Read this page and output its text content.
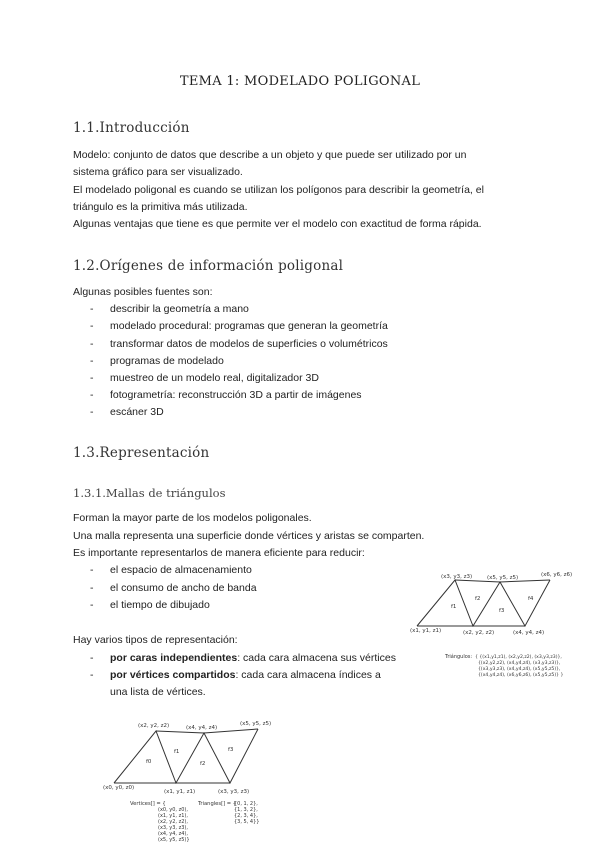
TEMA 1: MODELADO POLIGONAL
1.1.Introducción
Modelo: conjunto de datos que describe a un objeto y que puede ser utilizado por un
sistema gráfico para ser visualizado.
El modelado poligonal es cuando se utilizan los polígonos para describir la geometría, el
triángulo es la primitiva más utilizada.
Algunas ventajas que tiene es que permite ver el modelo con exactitud de forma rápida.
1.2.Orígenes de información poligonal
Algunas posibles fuentes son:
- describir la geometría a mano
- modelado procedural: programas que generan la geometría
- transformar datos de modelos de superficies o volumétricos
- programas de modelado
- muestreo de un modelo real, digitalizador 3D
- fotogrametría: reconstrucción 3D a partir de imágenes
- escáner 3D
1.3.Representación
1.3.1.Mallas de triángulos
Forman la mayor parte de los modelos poligonales.
Una malla representa una superficie donde vértices y aristas se comparten.
Es importante representarlos de manera eficiente para reducir:
- el espacio de almacenamiento
- el consumo de ancho de banda
- el tiempo de dibujado
Hay varios tipos de representación:
- por caras independientes: cada cara almacena sus vértices
- por vértices compartidos: cada cara almacena índices a
una lista de vértices.
(x3, y3, z3)	(x5, y5, z5)	(x6, y6, z6)
(x1, y1, z1)	(x2, y2, z2)	(x4, y4, z4)
f1
f2
f3
f4
Triángulos: { {(x1,y1,z1), (x2,y2,z2), (x3,y3,z3)},
{(x2,y2,z2), (x4,y4,z4), (x3,y3,z3)},
{(x3,y3,z3), (x4,y4,z4), (x5,y5,z5)},
{(x4,y4,z4), (x6,y6,z6), (x5,y5,z5)} }
(x2, y2, z2)	(x4, y4, z4)
(x5, y5, z5)
(x0, y0, z0)
(x1, y1, z1)	(x3, y3, z3)
f0
f1
f2
f3
Vertices[] = {
(x0, y0, z0),
(x1, y1, z1),
(x2, y2, z2),
(x3, y3, z3),
(x4, y4, z4),
(x5, y5, z5)}
Triangles[] = {
{0, 1, 2},
{1, 3, 2},
{2, 3, 4},
{3, 5, 4}}
